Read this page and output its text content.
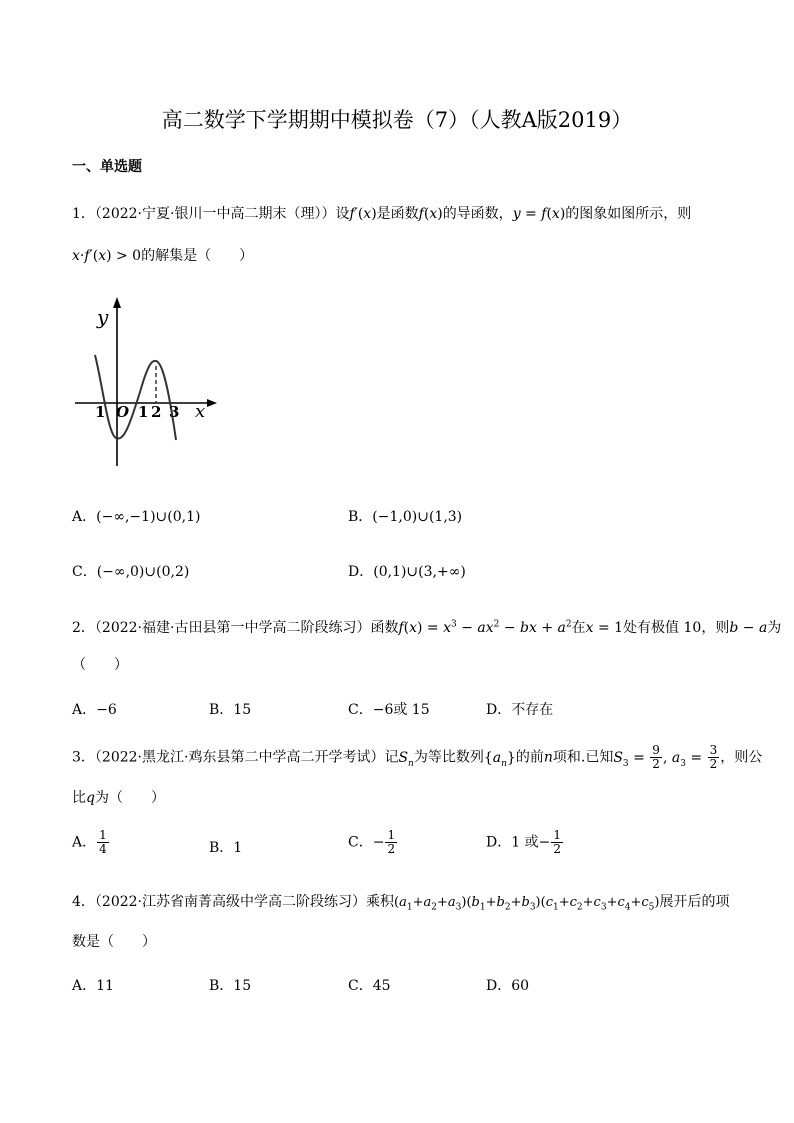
高二数学下学期期中模拟卷（7）（人教A版2019）
一、单选题
1．（2022·宁夏·银川一中高二期末（理））设f′(x)是函数f(x)的导函数，y = f(x)的图象如图所示，则
x·f′(x) > 0的解集是（　　）
y
x
1 O 1 2 3
A．(−∞,−1)∪(0,1)	B．(−1,0)∪(1,3)
C．(−∞,0)∪(0,2)	D．(0,1)∪(3,+∞)
2．（2022·福建·古田县第一中学高二阶段练习）函数$f(x) = x^3 - ax^2$ − bx + $a^2$在x = 1处有极值 10，则b − a为
（　　）
A．−6	B．15	C．−6或 15	D．不存在
3．（2022·黑龙江·鸡东县第二中学高二开学考试）记$S_n$为等比数列$\{a_n\}$的前n项和.已知$S_3 = \frac{9}{2}$ , $a_3 = \frac{3}{2}$ ，则公
比q为（　　）
A． $\frac{1}{4}$	B．1	C．− $\frac{1}{2}$	D．1 或− $\frac{1}{2}$
4．（2022·江苏省南菁高级中学高二阶段练习）乘积$(a_1+a_2+a_3)(b_1+b_2+b_3)(c_1+c_2+c_3+c_4+c_5)$展开后的项
数是（　　）
A．11	B．15	C．45	D．60
